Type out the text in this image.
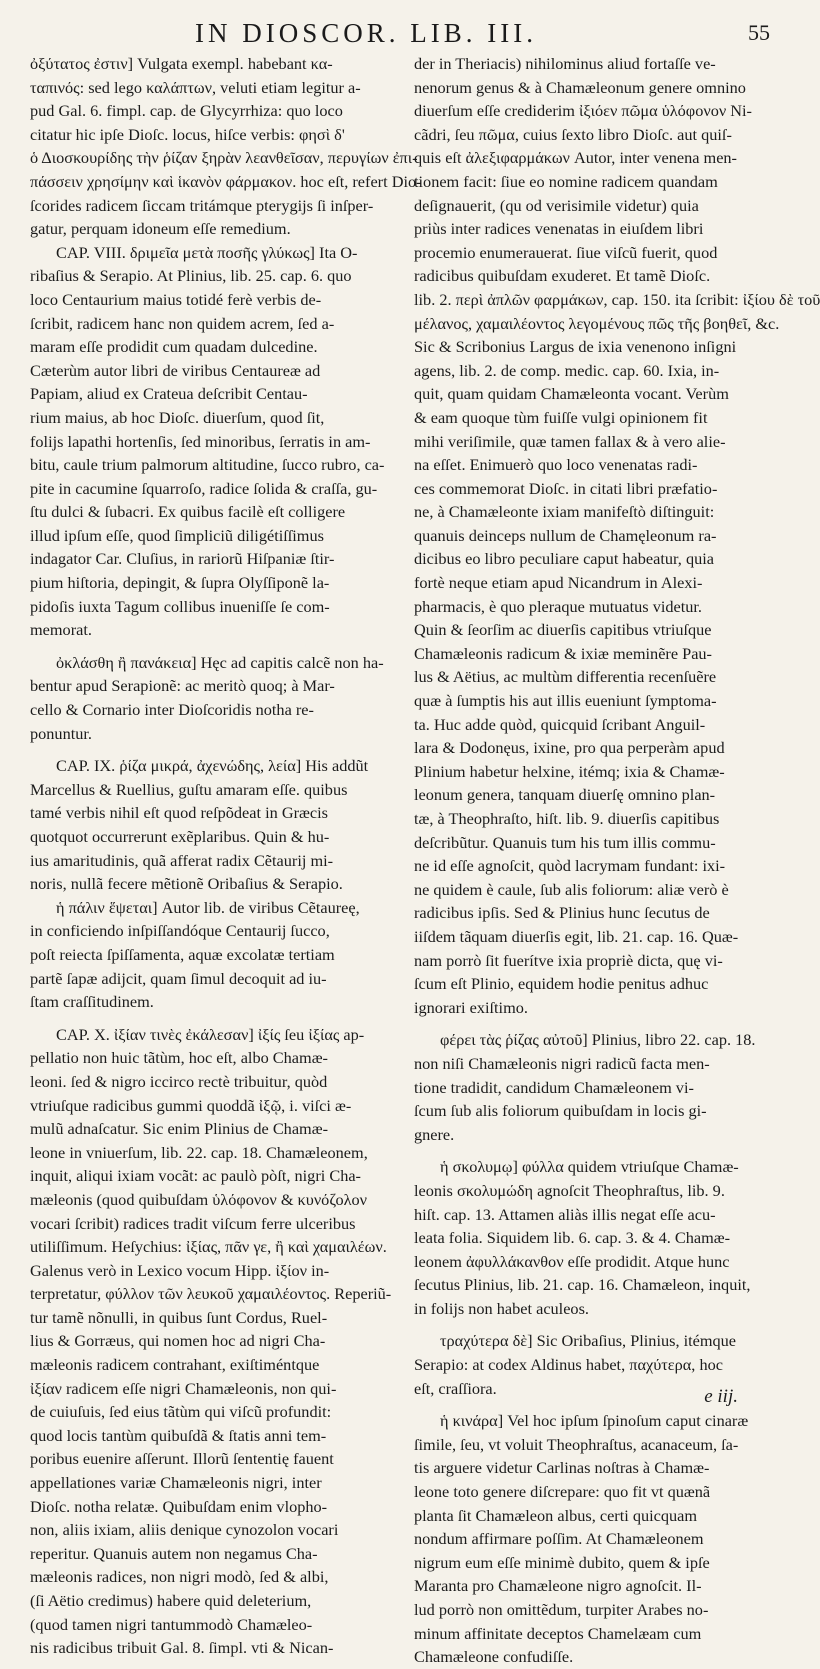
IN DIOSCOR. LIB. III.	55
ὀξύτατος ἐστιν] Vulgata exempl. habebant κα-
ταπινός: sed lego καλάπτων, veluti etiam legitur a-
pud Gal. 6. fimpl. cap. de Glycyrrhiza: quo loco
citatur hic ipſe Dioſc. locus, hiſce verbis: φησὶ δ'
ὁ Διοσκουρίδης τὴν ῥίζαν ξηρὰν λεανθεῖσαν, περυγίων ἐπι-
πάσσειν χρησίμην καὶ ἱκανὸν φάρμακον. hoc eſt, refert Dio-
ſcorides radicem ſiccam tritámque pterygijs ſi inſper-
gatur, perquam idoneum eſſe remedium.
CAP. VIII. δριμεῖα μετὰ ποσῆς γλύκως] Ita O-
ribaſius & Serapio. At Plinius, lib. 25. cap. 6. quo
loco Centaurium maius totidé ferè verbis de-
ſcribit, radicem hanc non quidem acrem, ſed a-
maram eſſe prodidit cum quadam dulcedine.
Cæterùm autor libri de viribus Centaureæ ad
Papiam, aliud ex Crateua deſcribit Centau-
rium maius, ab hoc Dioſc. diuerſum, quod ſit,
folijs lapathi hortenſis, ſed minoribus, ſerratis in am-
bitu, caule trium palmorum altitudine, ſucco rubro, ca-
pite in cacumine ſquarroſo, radice ſolida & craſſa, gu-
ſtu dulci & ſubacri. Ex quibus facilè eſt colligere
illud ipſum eſſe, quod ſimpliciũ diligétiſſimus
indagator Car. Cluſius, in rariorũ Hiſpaniæ ſtir-
pium hiſtoria, depingit, & ſupra Olyſſiponẽ la-
pidoſis iuxta Tagum collibus inueniſſe ſe com-
memorat.
ὀκλάσθη ἢ πανάκεια] Hęc ad capitis calcẽ non ha-
bentur apud Serapionẽ: ac meritò quoq; à Mar-
cello & Cornario inter Dioſcoridis notha re-
ponuntur.
CAP. IX. ῥίζα μικρά, ἀχενώδης, λεία] His addũt
Marcellus & Ruellius, guſtu amaram eſſe. quibus
tamé verbis nihil eſt quod reſpõdeat in Græcis
quotquot occurrerunt exẽplaribus. Quin & hu-
ius amaritudinis, quã afferat radix Cẽtaurij mi-
noris, nullã fecere mẽtionẽ Oribaſius & Serapio.
ἡ πάλιν ἕψεται] Autor lib. de viribus Cẽtaureę,
in conficiendo inſpiſſandóque Centaurij ſucco,
poſt reiecta ſpiſſamenta, aquæ excolatæ tertiam
partẽ ſapæ adijcit, quam ſimul decoquit ad iu-
ſtam craſſitudinem.
CAP. X. ἰξίαν τινὲς ἐκάλεσαν] ἰξίς ſeu ἰξίας ap-
pellatio non huic tãtùm, hoc eſt, albo Chamæ-
leoni. ſed & nigro iccirco rectè tribuitur, quòd
vtriuſque radicibus gummi quoddã ἰξῷ, i. viſci æ-
mulũ adnaſcatur. Sic enim Plinius de Chamæ-
leone in vniuerſum, lib. 22. cap. 18. Chamæleonem,
inquit, aliqui ixiam vocãt: ac paulò pòſt, nigri Cha-
mæleonis (quod quibuſdam ὑλόφονον & κυνόζολον
vocari ſcribit) radices tradit viſcum ferre ulceribus
utiliſſimum. Heſychius: ἰξίας, πᾶν γε, ἢ καὶ χαμαιλέων.
Galenus verò in Lexico vocum Hipp. ἰξίον in-
terpretatur, φύλλον τῶν λευκοῦ χαμαιλέοντος. Reperiũ-
tur tamẽ nõnulli, in quibus ſunt Cordus, Ruel-
lius & Gorræus, qui nomen hoc ad nigri Cha-
mæleonis radicem contrahant, exiſtiméntque
ἰξίαν radicem eſſe nigri Chamæleonis, non qui-
de cuiuſuis, ſed eius tãtùm qui viſcũ profundit:
quod locis tantùm quibuſdã & ſtatis anni tem-
poribus euenire aſſerunt. Illorũ ſententię fauent
appellationes variæ Chamæleonis nigri, inter
Dioſc. notha relatæ. Quibuſdam enim vlopho-
non, aliis ixiam, aliis denique cynozolon vocari
reperitur. Quanuis autem non negamus Cha-
mæleonis radices, non nigri modò, ſed & albi,
(ſi Aëtio credimus) habere quid deleterium,
(quod tamen nigri tantummodò Chamæleo-
nis radicibus tribuit Gal. 8. ſimpl. vti & Nican-
der in Theriacis) nihilominus aliud fortaſſe ve-
nenorum genus & à Chamæleonum genere omnino
diuerſum eſſe crediderim ἰξιόεν πῶμα ὑλόφονον Ni-
cãdri, ſeu πῶμα, cuius ſexto libro Dioſc. aut quiſ-
quis eſt ἀλεξιφαρμάκων Autor, inter venena men-
tionem facit: ſiue eo nomine radicem quandam
deſignauerit, (qu od verisimile videtur) quia
priùs inter radices venenatas in eiuſdem libri
procemio enumerauerat. ſiue viſcũ fuerit, quod
radicibus quibuſdam exuderet. Et tamẽ Dioſc.
lib. 2. περὶ ἀπλῶν φαρμάκων, cap. 150. ita ſcribit: ἰξίου δὲ τοῦ
μέλανος, χαμαιλέοντος λεγομένους πῶς τῆς βοηθεῖ, &c.
Sic & Scribonius Largus de ixia venenono inſigni
agens, lib. 2. de comp. medic. cap. 60. Ixia, in-
quit, quam quidam Chamæleonta vocant. Verùm
& eam quoque tùm fuiſſe vulgi opinionem fit
mihi veriſimile, quæ tamen fallax & à vero alie-
na eſſet. Enimuerò quo loco venenatas radi-
ces commemorat Dioſc. in citati libri præfatio-
ne, à Chamæleonte ixiam manifeſtò diſtinguit:
quanuis deinceps nullum de Chamęleonum ra-
dicibus eo libro peculiare caput habeatur, quia
fortè neque etiam apud Nicandrum in Alexi-
pharmacis, è quo pleraque mutuatus videtur.
Quin & ſeorſim ac diuerſis capitibus vtriuſque
Chamæleonis radicum & ixiæ meminẽre Pau-
lus & Aëtius, ac multùm differentia recenſuẽre
quæ à ſumptis his aut illis eueniunt ſymptoma-
ta. Huc adde quòd, quicquid ſcribant Anguil-
lara & Dodonęus, ixine, pro qua perperàm apud
Plinium habetur helxine, itémq; ixia & Chamæ-
leonum genera, tanquam diuerſę omnino plan-
tæ, à Theophraſto, hiſt. lib. 9. diuerſis capitibus
deſcribũtur. Quanuis tum his tum illis commu-
ne id eſſe agnoſcit, quòd lacrymam fundant: ixi-
ne quidem è caule, ſub alis foliorum: aliæ verò è
radicibus ipſis. Sed & Plinius hunc ſecutus de
iiſdem tãquam diuerſis egit, lib. 21. cap. 16. Quæ-
nam porrò ſit fuerítve ixia propriè dicta, quę vi-
ſcum eſt Plinio, equidem hodie penitus adhuc
ignorari exiſtimo.
φέρει τὰς ῥίζας αὐτοῦ] Plinius, libro 22. cap. 18.
non niſi Chamæleonis nigri radicũ facta men-
tione tradidit, candidum Chamæleonem vi-
ſcum ſub alis foliorum quibuſdam in locis gi-
gnere.
ἡ σκολυμῳ] φύλλα quidem vtriuſque Chamæ-
leonis σκολυμώδη agnoſcit Theophraſtus, lib. 9.
hiſt. cap. 13. Attamen aliàs illis negat eſſe acu-
leata folia. Siquidem lib. 6. cap. 3. & 4. Chamæ-
leonem ἀφυλλάκανθον eſſe prodidit. Atque hunc
ſecutus Plinius, lib. 21. cap. 16. Chamæleon, inquit,
in folijs non habet aculeos.
τραχύτερα δὲ] Sic Oribaſius, Plinius, itémque
Serapio: at codex Aldinus habet, παχύτερα, hoc
eſt, craſſiora.
ἡ κινάρα] Vel hoc ipſum ſpinoſum caput cinaræ
ſimile, ſeu, vt voluit Theophraſtus, acanaceum, ſa-
tis arguere videtur Carlinas noſtras à Chamæ-
leone toto genere diſcrepare: quo fit vt quænã
planta ſit Chamæleon albus, certi quicquam
nondum affirmare poſſim. At Chamæleonem
nigrum eum eſſe minimè dubito, quem & ipſe
Maranta pro Chamæleone nigro agnoſcit. Il-
lud porrò non omittẽdum, turpiter Arabes no-
minum affinitate deceptos Chamelæam cum
Chamæleone confudiſſe.
e iij.
